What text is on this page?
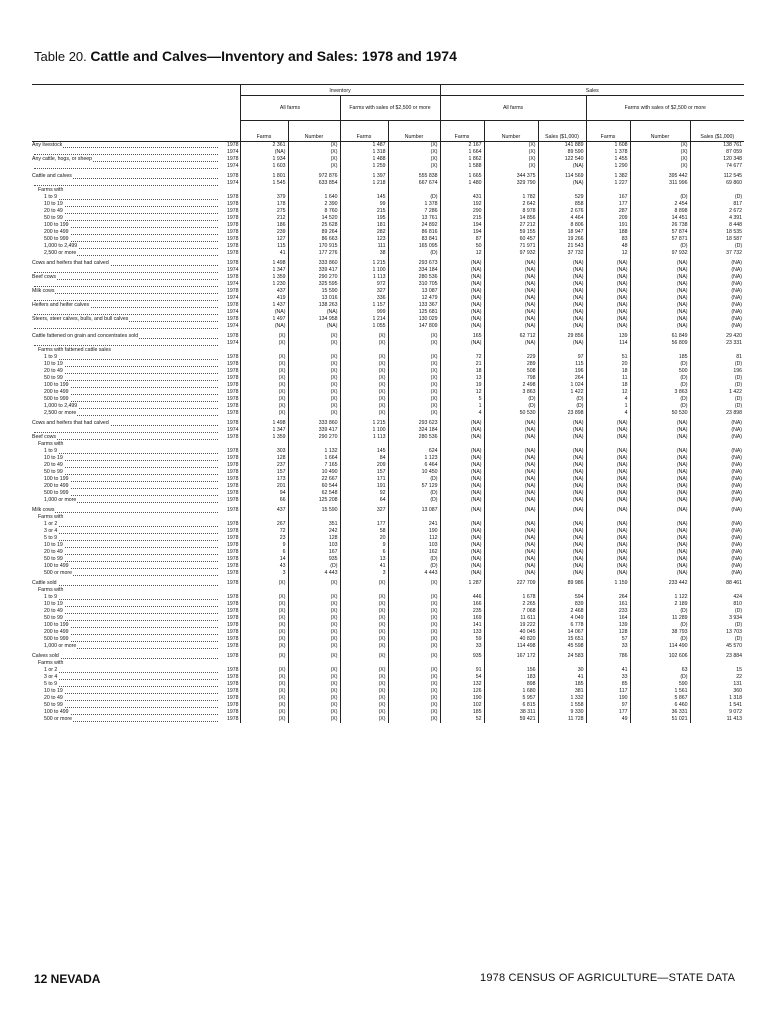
Table 20. Cattle and Calves—Inventory and Sales: 1978 and 1974
	Inventory				Sales					
	All farms		Farms with sales of $2,500 or more		All farms			Farms with sales of $2,500 or more		
	Farms	Number	Farms	Number	Farms	Number	Sales ($1,000)	Farms	Number	Sales ($1,000)
Any livestock 1978	2 361	(X)	1 487	(X)	2 167	(X)	141 889	1 608	(X)	138 761

1974	(NA)	(X)	1 318	(X)	1 664	(X)	89 590	1 378	(X)	87 059
Any cattle, hogs, or sheep 1978	1 934	(X)	1 488	(X)	1 862	(X)	122 540	1 455	(X)	120 348

1974	1 603	(X)	1 259	(X)	1 588	(X)	(NA)	1 290	(X)	74 677

Cattle and calves 1978	1 801	972 876	1 397	555 838	1 665	344 375	114 569	1 382	395 442	112 545

1974	1 545	633 854	1 218	667 674	1 480	329 790	(NA)	1 227	311 996	69 860
Farms with										
1 to 9 1978	379	1 640	145	(D)	431	1 782	529	167	(D)	(D)
10 to 19 1978	178	2 390	99	1 378	192	2 642	858	177	2 454	817
20 to 49 1978	275	8 760	215	7 286	290	8 978	2 676	287	8 898	2 672
50 to 99 1978	212	14 520	195	13 761	215	14 856	4 464	209	14 451	4 391
100 to 199 1978	186	25 628	181	24 892	194	27 212	8 806	191	26 738	8 448
200 to 499 1978	239	89 264	282	86 816	194	59 155	18 947	188	57 874	18 535
500 to 999 1978	127	86 663	123	83 841	87	60 457	19 266	83	57 871	18 587
1,000 to 2,499 1978	115	170 915	111	165 095	50	71 971	21 543	48	(D)	(D)
2,500 or more 1978	41	177 276	38	(D)	12	97 932	37 732	12	97 932	37 732

Cows and heifers that had calved 1978	1 498	333 860	1 215	293 673	(NA)	(NA)	(NA)	(NA)	(NA)	(NA)

1974	1 347	339 417	1 100	334 184	(NA)	(NA)	(NA)	(NA)	(NA)	(NA)
Beef cows 1978	1 359	290 270	1 113	280 536	(NA)	(NA)	(NA)	(NA)	(NA)	(NA)

1974	1 230	325 595	972	310 705	(NA)	(NA)	(NA)	(NA)	(NA)	(NA)
Milk cows 1978	437	15 590	327	13 087	(NA)	(NA)	(NA)	(NA)	(NA)	(NA)

1974	419	13 016	336	12 479	(NA)	(NA)	(NA)	(NA)	(NA)	(NA)
Heifers and heifer calves 1978	1 437	138 263	1 157	133 367	(NA)	(NA)	(NA)	(NA)	(NA)	(NA)

1974	(NA)	(NA)	999	125 681	(NA)	(NA)	(NA)	(NA)	(NA)	(NA)
Steers, steer calves, bulls, and bull calves 1978	1 497	134 958	1 214	130 029	(NA)	(NA)	(NA)	(NA)	(NA)	(NA)

1974	(NA)	(NA)	1 055	147 809	(NA)	(NA)	(NA)	(NA)	(NA)	(NA)

Cattle fattened on grain and concentrates sold 1978	(X)	(X)	(X)	(X)	165	62 712	29 856	139	61 849	29 420

1974	(X)	(X)	(X)	(X)	(NA)	(NA)	(NA)	114	56 809	23 331
Farms with fattened cattle sales										
1 to 9 1978	(X)	(X)	(X)	(X)	72	229	97	51	185	81
10 to 19 1978	(X)	(X)	(X)	(X)	21	289	115	20	(D)	(D)
20 to 49 1978	(X)	(X)	(X)	(X)	18	508	196	18	500	196
50 to 99 1978	(X)	(X)	(X)	(X)	13	798	264	11	(D)	(D)
100 to 199 1978	(X)	(X)	(X)	(X)	19	2 498	1 024	18	(D)	(D)
200 to 499 1978	(X)	(X)	(X)	(X)	12	3 863	1 422	12	3 863	1 422
500 to 999 1978	(X)	(X)	(X)	(X)	5	(D)	(D)	4	(D)	(D)
1,000 to 2,499 1978	(X)	(X)	(X)	(X)	1	(D)	(D)	1	(D)	(D)
2,500 or more 1978	(X)	(X)	(X)	(X)	4	50 530	23 898	4	50 530	23 898

Cows and heifers that had calved 1978	1 498	333 860	1 215	293 623	(NA)	(NA)	(NA)	(NA)	(NA)	(NA)

1974	1 347	339 417	1 100	324 184	(NA)	(NA)	(NA)	(NA)	(NA)	(NA)
Beef cows 1978	1 359	290 270	1 113	280 536	(NA)	(NA)	(NA)	(NA)	(NA)	(NA)
Farms with										
1 to 9 1978	303	1 132	145	624	(NA)	(NA)	(NA)	(NA)	(NA)	(NA)
10 to 19 1978	128	1 664	84	1 123	(NA)	(NA)	(NA)	(NA)	(NA)	(NA)
20 to 49 1978	237	7 165	209	6 464	(NA)	(NA)	(NA)	(NA)	(NA)	(NA)
50 to 99 1978	157	10 490	157	10 450	(NA)	(NA)	(NA)	(NA)	(NA)	(NA)
100 to 199 1978	173	22 667	171	(D)	(NA)	(NA)	(NA)	(NA)	(NA)	(NA)
200 to 499 1978	201	60 544	191	57 129	(NA)	(NA)	(NA)	(NA)	(NA)	(NA)
500 to 999 1978	94	62 548	92	(D)	(NA)	(NA)	(NA)	(NA)	(NA)	(NA)
1,000 or more 1978	66	125 208	64	(D)	(NA)	(NA)	(NA)	(NA)	(NA)	(NA)

Milk cows 1978	437	15 590	327	13 087	(NA)	(NA)	(NA)	(NA)	(NA)	(NA)
Farms with										
1 or 2 1978	267	351	177	241	(NA)	(NA)	(NA)	(NA)	(NA)	(NA)
3 or 4 1978	72	242	58	190	(NA)	(NA)	(NA)	(NA)	(NA)	(NA)
5 to 9 1978	23	128	20	112	(NA)	(NA)	(NA)	(NA)	(NA)	(NA)
10 to 19 1978	9	103	9	103	(NA)	(NA)	(NA)	(NA)	(NA)	(NA)
20 to 49 1978	6	167	6	162	(NA)	(NA)	(NA)	(NA)	(NA)	(NA)
50 to 99 1978	14	935	13	(D)	(NA)	(NA)	(NA)	(NA)	(NA)	(NA)
100 to 499 1978	43	(D)	41	(D)	(NA)	(NA)	(NA)	(NA)	(NA)	(NA)
500 or more 1978	3	4 443	3	4 443	(NA)	(NA)	(NA)	(NA)	(NA)	(NA)

Cattle sold 1978	(X)	(X)	(X)	(X)	1 287	227 709	89 986	1 159	233 442	88 461
Farms with										
1 to 9 1978	(X)	(X)	(X)	(X)	446	1 678	594	264	1 122	424
10 to 19 1978	(X)	(X)	(X)	(X)	166	2 265	839	161	2 189	810
20 to 49 1978	(X)	(X)	(X)	(X)	235	7 068	2 468	233	(D)	(D)
50 to 99 1978	(X)	(X)	(X)	(X)	169	11 611	4 049	164	11 289	3 934
100 to 199 1978	(X)	(X)	(X)	(X)	141	19 222	6 778	139	(D)	(D)
200 to 499 1978	(X)	(X)	(X)	(X)	133	40 045	14 067	128	38 793	13 703
500 to 999 1978	(X)	(X)	(X)	(X)	59	40 820	15 651	57	(D)	(D)
1,000 or more 1978	(X)	(X)	(X)	(X)	33	114 498	45 598	33	114 490	45 570

Calves sold 1978	(X)	(X)	(X)	(X)	935	167 172	24 583	786	102 606	23 884
Farms with										
1 or 2 1978	(X)	(X)	(X)	(X)	91	156	30	41	63	15
3 or 4 1978	(X)	(X)	(X)	(X)	54	183	41	33	(D)	22
5 to 9 1978	(X)	(X)	(X)	(X)	132	898	185	85	590	131
10 to 19 1978	(X)	(X)	(X)	(X)	126	1 680	381	117	1 561	360
20 to 49 1978	(X)	(X)	(X)	(X)	190	5 957	1 332	190	5 867	1 318
50 to 99 1978	(X)	(X)	(X)	(X)	102	6 815	1 558	97	6 460	1 541
100 to 499 1978	(X)	(X)	(X)	(X)	185	38 311	9 330	177	36 331	9 072
500 or more 1978	(X)	(X)	(X)	(X)	52	59 421	11 728	49	51 021	11 413
12 NEVADA	1978 CENSUS OF AGRICULTURE—STATE DATA
